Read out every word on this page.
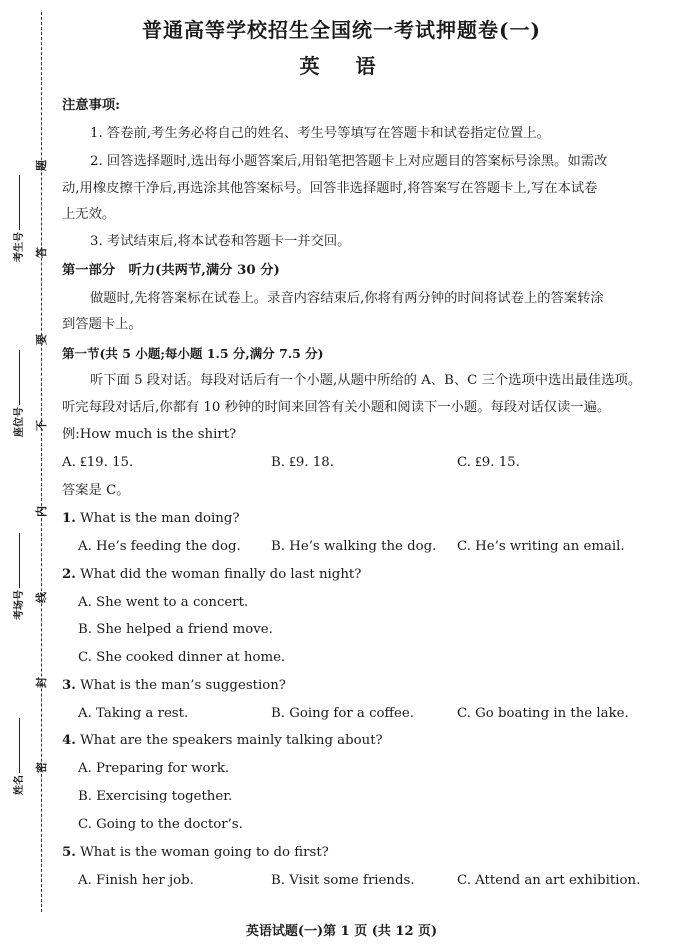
考生号
座位号
考场号
姓名
题
答
要
不
内
线
封
密
普通高等学校招生全国统一考试押题卷(一)
英　语
注意事项:
1. 答卷前,考生务必将自己的姓名、考生号等填写在答题卡和试卷指定位置上。
2. 回答选择题时,选出每小题答案后,用铅笔把答题卡上对应题目的答案标号涂黑。如需改
动,用橡皮擦干净后,再选涂其他答案标号。回答非选择题时,将答案写在答题卡上,写在本试卷
上无效。
3. 考试结束后,将本试卷和答题卡一并交回。
第一部分　听力(共两节,满分 30 分)
做题时,先将答案标在试卷上。录音内容结束后,你将有两分钟的时间将试卷上的答案转涂
到答题卡上。
第一节(共 5 小题;每小题 1.5 分,满分 7.5 分)
听下面 5 段对话。每段对话后有一个小题,从题中所给的 A、B、C 三个选项中选出最佳选项。
听完每段对话后,你都有 10 秒钟的时间来回答有关小题和阅读下一小题。每段对话仅读一遍。
例:How much is the shirt?
A. ₤19. 15.	B. ₤9. 18.	C. ₤9. 15.
答案是 C。
1. What is the man doing?
A. He’s feeding the dog. B. He’s walking the dog. C. He’s writing an email.
2. What did the woman finally do last night?
A. She went to a concert.
B. She helped a friend move.
C. She cooked dinner at home.
3. What is the man’s suggestion?
A. Taking a rest.	B. Going for a coffee.	C. Go boating in the lake.
4. What are the speakers mainly talking about?
A. Preparing for work.
B. Exercising together.
C. Going to the doctor’s.
5. What is the woman going to do first?
A. Finish her job.	B. Visit some friends.	C. Attend an art exhibition.
英语试题(一)第 1 页 (共 12 页)
